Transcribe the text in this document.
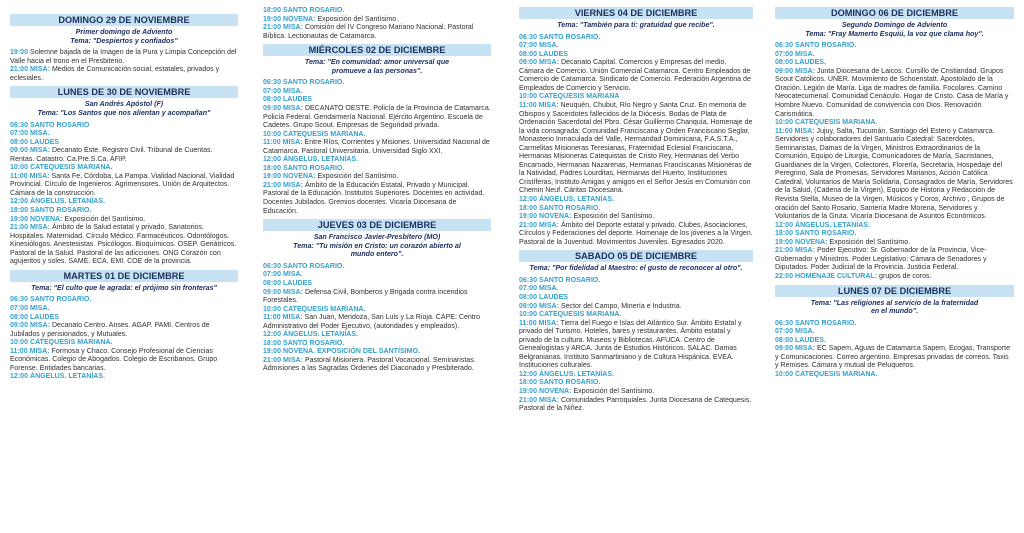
DOMINGO 29 DE NOVIEMBRE
Primer domingo de Adviento
Tema: "Despiertos y confiados"
19:00 Solemne bajada de la Imagen de la Pura y Limpia Concepción del Valle hacia el trono en el Presbiterio.
21:00 MISA: Medios de Comunicación social, estatales, privados y eclesiales.
LUNES DE 30 DE NOVIEMBRE
San Andrés Apóstol (F)
Tema: "Los Santos que nos alientan y acompañan"
06:30 SANTO ROSARIO
07:00 MISA.
08:00 LAUDES
09:00 MISA: Decanato Este. Registro Civil. Tribunal de Cuentas. Rentas. Catastro. Ca.Pre.S.Ca. AFIP.
10:00 CATEQUESIS MARIANA.
11:00 MISA: Santa Fe, Córdoba, La Pampa. Vialidad Nacional, Vialidad Provincial. Círculo de Ingenieros. Agrimensores. Unión de Arquitectos. Cámara de la construcción.
12:00 ÁNGELUS. LETANÍAS.
18:00 SANTO ROSARIO.
19:00 NOVENA: Exposición del Santísimo.
21:00 MISA: Ámbito de la Salud estatal y privado. Sanatorios. Hospitales. Maternidad. Círculo Médico. Farmacéuticos. Odontólogos. Kinesiólogos. Anestesistas. Psicólogos. Bioquímicos. OSEP. Geriátricos. Pastoral de la Salud. Pastoral de las adicciones. ONG Corazón con agujeritos y soles. SAME. ECA. EMI. COE de la provincia.
MARTES 01 DE DICIEMBRE
Tema: "El culto que le agrada: el prójimo sin fronteras"
06:30 SANTO ROSARIO.
07:00 MISA.
08:00 LAUDES
09:00 MISA: Decanato Centro. Anses. AGAP. PAMI. Centros de Jubilados y pensionados, y Mutuales.
10:00 CATEQUESIS MARIANA.
11:00 MISA: Formosa y Chaco. Consejo Profesional de Ciencias Económicas. Colegio de Abogados. Colegio de Escribanos. Grupo Forense. Entidades bancarias.
12:00 ÁNGELUS. LETANÍAS.
18:00 SANTO ROSARIO.
19:00 NOVENA: Exposición del Santísimo.
21:00 MISA: Comisión del IV Congreso Mariano Nacional. Pastoral Bíblica. Lectionautas de Catamarca.
MIÉRCOLES 02 DE DICIEMBRE
Tema: "En comunidad: amor universal que
promueve a las personas".
06:30 SANTO ROSARIO.
07:00 MISA.
08:00 LAUDES
09:00 MISA: DECANATO OESTE. Policía de la Provincia de Catamarca. Policía Federal. Gendarmería Nacional. Ejército Argentino. Escuela de Cadetes. Grupo Scout. Empresas de Seguridad privada.
10:00 CATEQUESIS MARIANA.
11:00 MISA: Entre Ríos, Corrientes y Misiones. Universidad Nacional de Catamarca. Pastoral Universitaria. Universidad Siglo XXI.
12:00 ÁNGELUS. LETANÍAS.
18:00 SANTO ROSARIO.
19:00 NOVENA: Exposición del Santísimo.
21:00 MISA: Ámbito de la Educación Estatal, Privado y Municipal. Pastoral de la Educación. Institutos Superiores. Docentes en actividad. Docentes Jubilados. Gremios docentes. Vicaría Diocesana de Educación.
JUEVES 03 DE DICIEMBRE
San Francisco Javier-Presbítero (MO)
Tema: "Tu misión en Cristo: un corazón abierto al
mundo entero".
06:30 SANTO ROSARIO.
07:00 MISA.
08:00 LAUDES
09:00 MISA: Defensa Civil, Bomberos y Brigada contra incendios Forestales.
10:00 CATEQUESIS MARIANA.
11:00 MISA: San Juan, Mendoza, San Luis y La Rioja. CAPE: Centro Administrativo del Poder Ejecutivo, (autoridades y empleados).
12:00 ÁNGELUS. LETANÍAS.
18:00 SANTO ROSARIO.
19:00 NOVENA. EXPOSICIÓN DEL SANTÍSIMO.
21:00 MISA: Pastoral Misionera. Pastoral Vocacional. Seminaristas. Admisiones a las Sagradas Órdenes del Diaconado y Presbiterado.
VIERNES 04 DE DICIEMBRE
Tema: "También para ti: gratuidad que recibe".
06:30 SANTO ROSARIO.
07:00 MISA.
08:00 LAUDES
09:00 MISA: Decanato Capital. Comercios y Empresas del medio. Cámara de Comercio. Unión Comercial Catamarca. Centro Empleados de Comercio de Catamarca. Sindicato de Comercio. Federación Argentina de Empleados de Comercio y Servicio.
10:00 CATEQUESIS MARIANA
11:00 MISA: Neuquén, Chubut, Río Negro y Santa Cruz. En memoria de Obispos y Sacerdotes fallecidos de la Diócesis. Bodas de Plata de Ordenación Sacerdotal del Pbro. César Guillermo Chanquía. Homenaje de la vida consagrada: Comunidad Franciscana y Orden Franciscano Seglar, Monasterio Inmaculada del Valle, Hermandad Dominicana, F.A.S.T.A., Carmelitas Misioneras Teresianas, Fraternidad Eclesial Franciscana, Hermanas Misioneras Catequistas de Cristo Rey, Hermanas del Verbo Encarnado, Hermanas Nazarenas, Hermanas Franciscanas Misioneras de la Natividad, Padres Lourditas, Hermanas del Huerto, Instituciones Cristíferas, Instituto Amigas y amigos en el Señor Jesús en Comunión con Chemin Neuf. Cáritas Diocesana.
12:00 ÁNGELUS. LETANÍAS.
18:00 SANTO ROSARIO.
19:00 NOVENA: Exposición del Santísimo.
21:00 MISA: Ámbito del Deporte estatal y privado. Clubes, Asociaciones, Círculos y Federaciones del deporte. Homenaje de los jóvenes a la Virgen. Pastoral de la Juventud. Movimientos Juveniles. Egresados 2020.
SABADO 05 DE DICIEMBRE
Tema: "Por fidelidad al Maestro: el gusto de reconocer al otro".
06:30 SANTO ROSARIO.
07:00 MISA.
08:00 LAUDES
09:00 MISA: Sector del Campo, Minería e Industria.
10:00 CATEQUESIS MARIANA.
11:00 MISA: Tierra del Fuego e Islas del Atlántico Sur. Ámbito Estatal y privado del Turismo. Hoteles, bares y restaurantes. Ámbito estatal y privado de la cultura. Museos y Bibliotecas. AFUCA. Centro de Genealogistas y ARCA. Junta de Estudios Históricos. SALAC. Damas Belgranianas. Instituto Sanmartiniano y de Cultura Hispánica. EVEA. Instituciones culturales.
12:00 ÁNGELUS. LETANÍAS.
18:00 SANTO ROSARIO.
19:00 NOVENA: Exposición del Santísimo.
21:00 MISA: Comunidades Parroquiales. Junta Diocesana de Catequesis. Pastoral de la Niñez.
DOMINGO 06 DE DICIEMBRE
Segundo Domingo de Adviento
Tema: "Fray Mamerto Esquiú, la voz que clama hoy".
06:30 SANTO ROSARIO.
07:00 MISA.
08:00 LAUDES.
09:00 MISA: Junta Diocesana de Laicos. Cursillo de Cristiandad. Grupos Scout Católicos. UNER. Movimiento de Schoenstatt. Apostolado de la Oración. Legión de María. Liga de madres de familia. Focolares. Camino Neocatecumenal. Comunidad Cenáculo. Hogar de Cristo. Casa de María y Hombre Nuevo. Comunidad de convivencia con Dios. Renovación Carismática.
10:00 CATEQUESIS MARIANA.
11:00 MISA: Jujuy, Salta, Tucumán, Santiago del Estero y Catamarca. Servidores y colaboradores del Santuario Catedral: Sacerdotes, Seminaristas, Damas de la Virgen, Ministros Extraordinarios de la Comunión, Equipo de Liturgia, Comunicadores de María, Sacristanes, Guardianes de la Virgen, Colectores, Florería, Secretaría, Hospedaje del Peregrino, Sala de Promesas, Servidores Marianos, Acción Católica Catedral, Voluntarios de María Solidaria, Consagrados de María, Servidores de la Salud, (Cadena de la Virgen), Equipo de Historia y Redacción de Revista Stella, Museo de la Virgen, Músicos y Coros, Archivo , Grupos de oración del Santo Rosario, Santería Madre Morena, Servidores y Voluntarios de la Gruta. Vicaría Diocesana de Asuntos Económicos.
12:00 ÁNGELUS. LETANÍAS.
18:00 SANTO ROSARIO.
19:00 NOVENA: Exposición del Santísimo.
21:00 MISA: Poder Ejecutivo: Sr. Gobernador de la Provincia, Vice-Gobernador y Ministros. Poder Legislativo: Cámara de Senadores y Diputados. Poder Judicial de la Provincia. Justicia Federal.
22:00 HOMENAJE CULTURAL: grupos de coros.
LUNES 07 DE DICIEMBRE
Tema: "Las religiones al servicio de la fraternidad
en el mundo".
06:30 SANTO ROSARIO.
07:00 MISA.
08:00 LAUDES.
09:00 MISA: EC Sapem, Aguas de Catamarca Sapem, Ecogas, Transporte y Comunicaciones. Correo argentino. Empresas privadas de correos. Taxis y Remises. Cámara y mutual de Peluqueros.
10:00 CATEQUESIS MARIANA.
